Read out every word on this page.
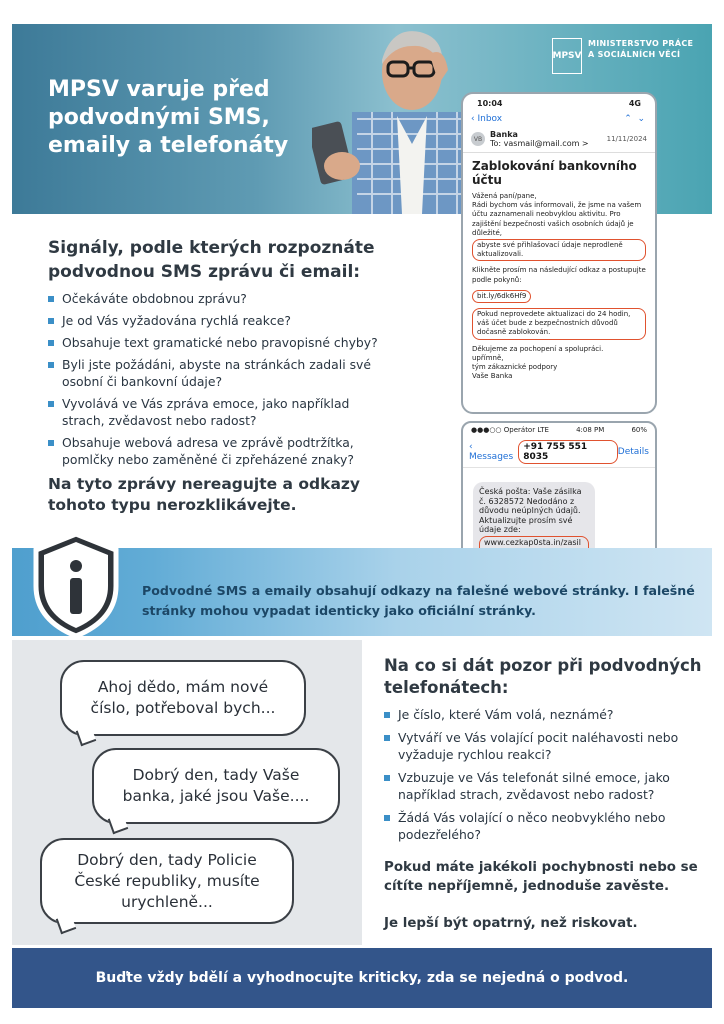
MPSV varuje před podvodnými SMS, emaily a telefonáty
MPSV
MINISTERSTVO PRÁCE A SOCIÁLNÍCH VĚCÍ
Signály, podle kterých rozpoznáte podvodnou SMS zprávu či email:
Očekáváte obdobnou zprávu?
Je od Vás vyžadována rychlá reakce?
Obsahuje text gramatické nebo pravopisné chyby?
Byli jste požádáni, abyste na stránkách zadali své osobní či bankovní údaje?
Vyvolává ve Vás zpráva emoce, jako například strach, zvědavost nebo radost?
Obsahuje webová adresa ve zprávě podtržítka, pomlčky nebo zaměněné či zpřeházené znaky?
Na tyto zprávy nereagujte a odkazy tohoto typu nerozklikávejte.
10:04	4G
‹ Inbox	⌃  ⌄
VB Banka
To: vasmail@mail.com >	11/11/2024
Zablokování bankovního účtu
Vážená paní/pane,
Rádi bychom vás informovali, že jsme na vašem účtu zaznamenali neobvyklou aktivitu. Pro zajištění bezpečnosti vašich osobních údajů je důležité,
abyste své přihlašovací údaje neprodleně aktualizovali.
Klikněte prosím na následující odkaz a postupujte podle pokynů:
bit.ly/6dk6Hf9
Pokud neprovedete aktualizaci do 24 hodin, váš účet bude z bezpečnostních důvodů dočasně zablokován.
Děkujeme za pochopení a spolupráci.
upřímně,
tým zákaznické podpory
Vaše Banka
●●●○○ Operátor LTE	4:08 PM	60%
‹ Messages
+91 755 551 8035	Details
Česká pošta: Vaše zásilka č. 6328572 Nedodáno z důvodu neúplných údajů. Aktualizujte prosím své údaje zde:
www.cezkap0sta.in/zasil
Podvodné SMS a emaily obsahují odkazy na falešné webové stránky. I falešné stránky mohou vypadat identicky jako oficiální stránky.
Ahoj dědo, mám nové číslo, potřeboval bych...
Dobrý den, tady Vaše banka, jaké jsou Vaše....
Dobrý den, tady Policie České republiky, musíte urychleně...
Na co si dát pozor při podvodných telefonátech:
Je číslo, které Vám volá, neznámé?
Vytváří ve Vás volající pocit naléhavosti nebo vyžaduje rychlou reakci?
Vzbuzuje ve Vás telefonát silné emoce, jako například strach, zvědavost nebo radost?
Žádá Vás volající o něco neobvyklého nebo podezřelého?
Pokud máte jakékoli pochybnosti nebo se cítíte nepříjemně, jednoduše zavěste.
Je lepší být opatrný, než riskovat.
Buďte vždy bdělí a vyhodnocujte kriticky, zda se nejedná o podvod.
